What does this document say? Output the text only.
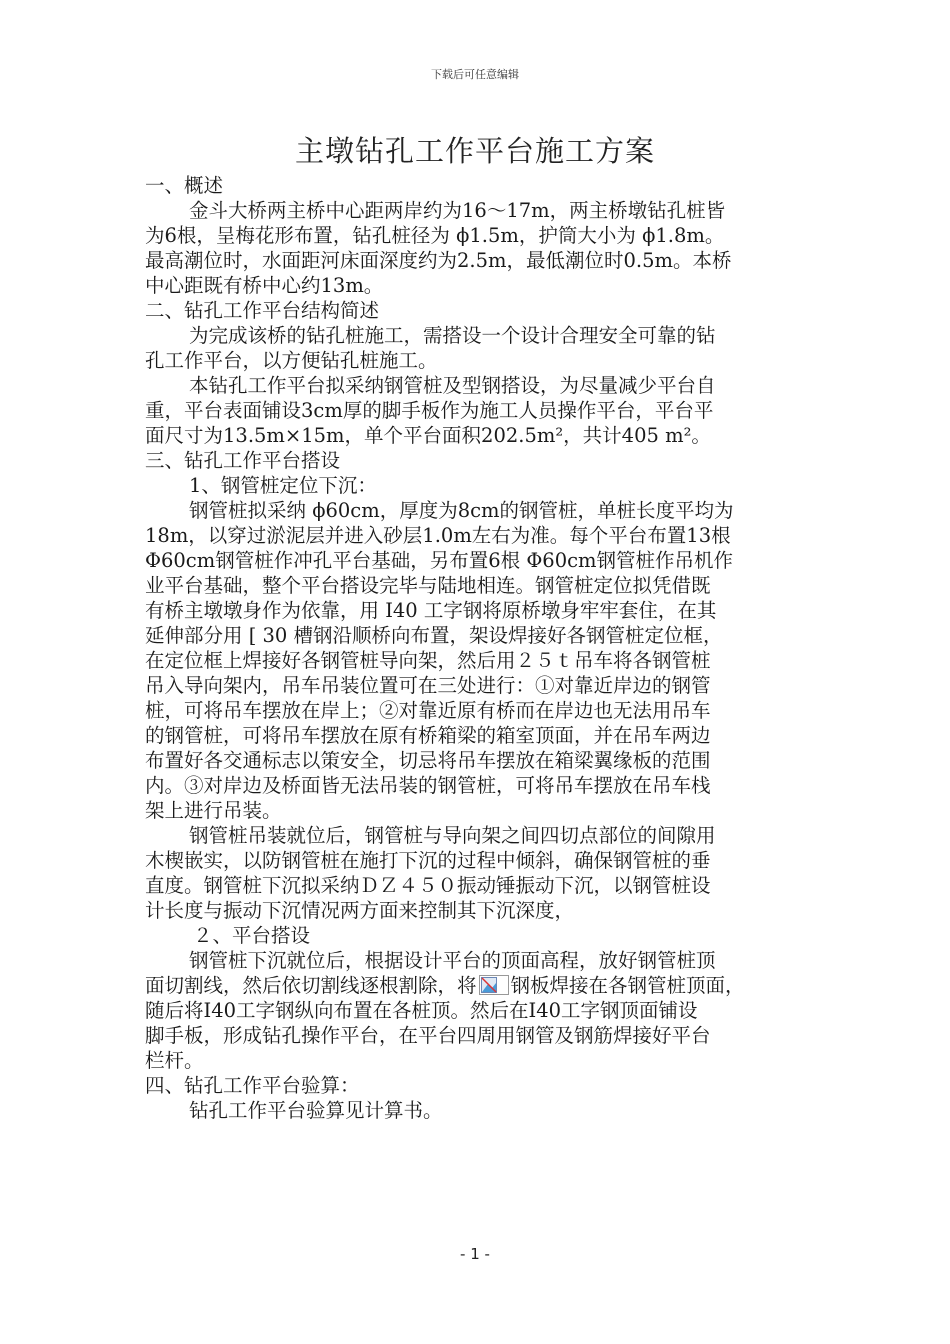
下载后可任意编辑
主墩钻孔工作平台施工方案

一、概述

金斗大桥两主桥中心距两岸约为16～17m，两主桥墩钻孔桩皆

为6根，呈梅花形布置，钻孔桩径为 ϕ1.5m，护筒大小为 ϕ1.8m。

最高潮位时，水面距河床面深度约为2.5m，最低潮位时0.5m。本桥

中心距既有桥中心约13m。

二、钻孔工作平台结构简述

为完成该桥的钻孔桩施工，需搭设一个设计合理安全可靠的钻

孔工作平台，以方便钻孔桩施工。

本钻孔工作平台拟采纳钢管桩及型钢搭设，为尽量减少平台自

重，平台表面铺设3cm厚的脚手板作为施工人员操作平台，平台平

面尺寸为13.5m×15m，单个平台面积202.5m²，共计405 m²。

三、钻孔工作平台搭设

1、钢管桩定位下沉：

钢管桩拟采纳 ϕ60cm，厚度为8cm的钢管桩，单桩长度平均为

18m，以穿过淤泥层并进入砂层1.0m左右为准。每个平台布置13根

Φ60cm钢管桩作冲孔平台基础，另布置6根 Φ60cm钢管桩作吊机作

业平台基础，整个平台搭设完毕与陆地相连。钢管桩定位拟凭借既

有桥主墩墩身作为依靠，用 I40 工字钢将原桥墩身牢牢套住，在其

延伸部分用 [ 30 槽钢沿顺桥向布置，架设焊接好各钢管桩定位框，

在定位框上焊接好各钢管桩导向架，然后用２５ｔ吊车将各钢管桩

吊入导向架内，吊车吊装位置可在三处进行：①对靠近岸边的钢管

桩，可将吊车摆放在岸上；②对靠近原有桥而在岸边也无法用吊车

的钢管桩，可将吊车摆放在原有桥箱梁的箱室顶面，并在吊车两边

布置好各交通标志以策安全，切忌将吊车摆放在箱梁翼缘板的范围

内。③对岸边及桥面皆无法吊装的钢管桩，可将吊车摆放在吊车栈

架上进行吊装。

钢管桩吊装就位后，钢管桩与导向架之间四切点部位的间隙用

木楔嵌实，以防钢管桩在施打下沉的过程中倾斜，确保钢管桩的垂

直度。钢管桩下沉拟采纳ＤＺ４５０振动锤振动下沉，以钢管桩设

计长度与振动下沉情况两方面来控制其下沉深度，

２、平台搭设

钢管桩下沉就位后，根据设计平台的顶面高程，放好钢管桩顶

面切割线，然后依切割线逐根割除，将 钢板焊接在各钢管桩顶面，

随后将I40工字钢纵向布置在各桩顶。然后在I40工字钢顶面铺设

脚手板，形成钻孔操作平台，在平台四周用钢管及钢筋焊接好平台

栏杆。

四、钻孔工作平台验算：

钻孔工作平台验算见计算书。

- 1 -
